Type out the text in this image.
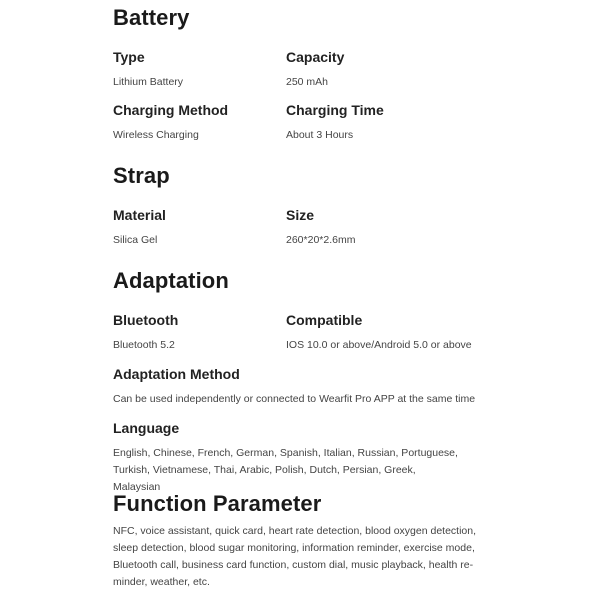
Battery
Type	Capacity
Lithium Battery	250 mAh
Charging Method	Charging Time
Wireless Charging	About 3 Hours
Strap
Material	Size
Silica Gel	260*20*2.6mm
Adaptation
Bluetooth	Compatible
Bluetooth 5.2	IOS 10.0 or above/Android 5.0 or above
Adaptation Method
Can be used independently or connected to Wearfit Pro APP at the same time
Language
English, Chinese, French, German, Spanish, Italian, Russian, Portuguese, Turkish, Vietnamese, Thai, Arabic, Polish, Dutch, Persian, Greek, Malaysian
Function Parameter
NFC, voice assistant, quick card, heart rate detection, blood oxygen detection, sleep detection, blood sugar monitoring, information reminder, exercise mode, Bluetooth call, business card function, custom dial, music playback, health re-minder, weather, etc.
